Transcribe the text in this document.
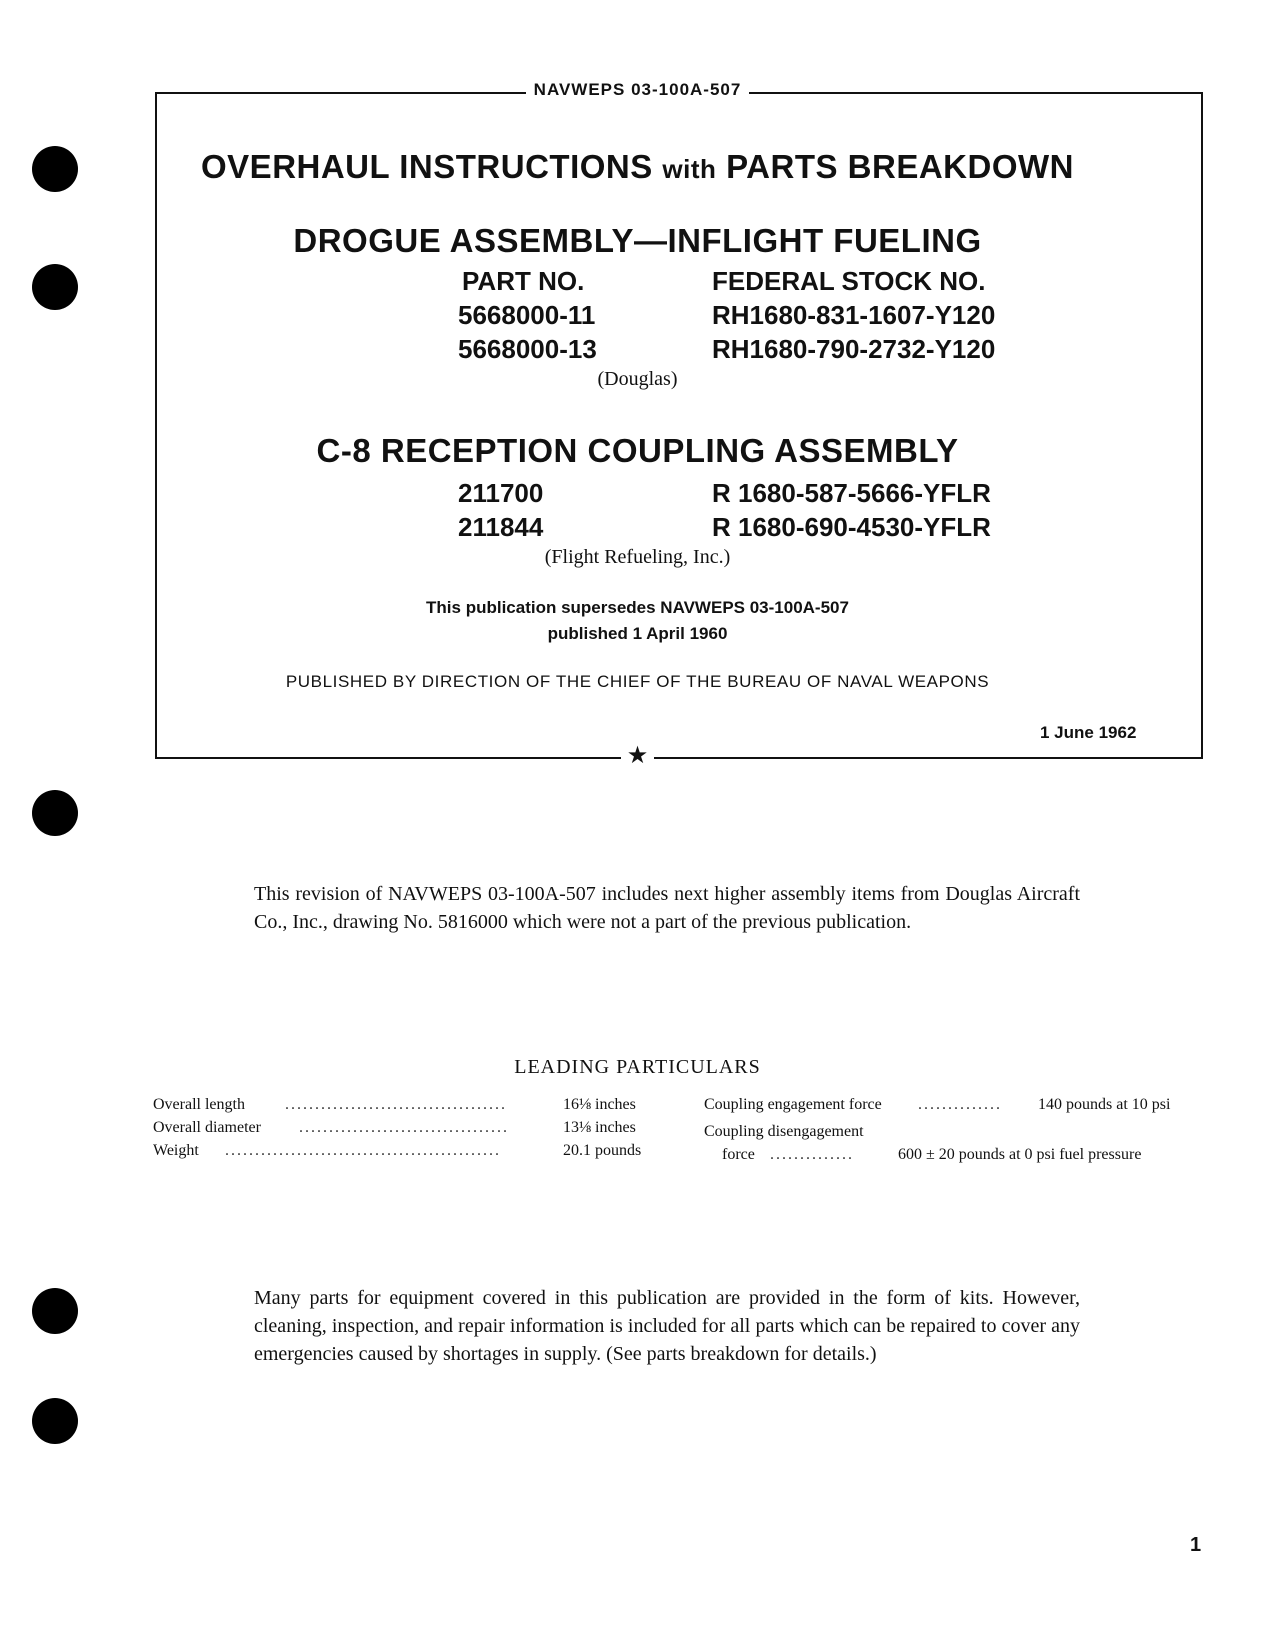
NAVWEPS 03-100A-507
OVERHAUL INSTRUCTIONS with PARTS BREAKDOWN
DROGUE ASSEMBLY—INFLIGHT FUELING
PART NO.	FEDERAL STOCK NO.
5668000-11	RH1680-831-1607-Y120
5668000-13	RH1680-790-2732-Y120
(Douglas)
C-8 RECEPTION COUPLING ASSEMBLY
211700	R 1680-587-5666-YFLR
211844	R 1680-690-4530-YFLR
(Flight Refueling, Inc.)
This publication supersedes NAVWEPS 03-100A-507
published 1 April 1960
PUBLISHED BY DIRECTION OF THE CHIEF OF THE BUREAU OF NAVAL WEAPONS
1 June 1962
★
This revision of NAVWEPS 03-100A-507 includes next higher assembly items from Douglas Aircraft Co., Inc., drawing No. 5816000 which were not a part of the previous publication.
LEADING PARTICULARS
Overall length	.....................................	16⅛ inches
Overall diameter ...................................	13⅛ inches
Weight ..............................................	20.1 pounds
Coupling engagement force .............. 140 pounds at 10 psi
Coupling disengagement
force ..............	600 ± 20 pounds at 0 psi fuel pressure
Many parts for equipment covered in this publication are provided in the form of kits. However, cleaning, inspection, and repair information is included for all parts which can be repaired to cover any emergencies caused by shortages in supply. (See parts breakdown for details.)
1
